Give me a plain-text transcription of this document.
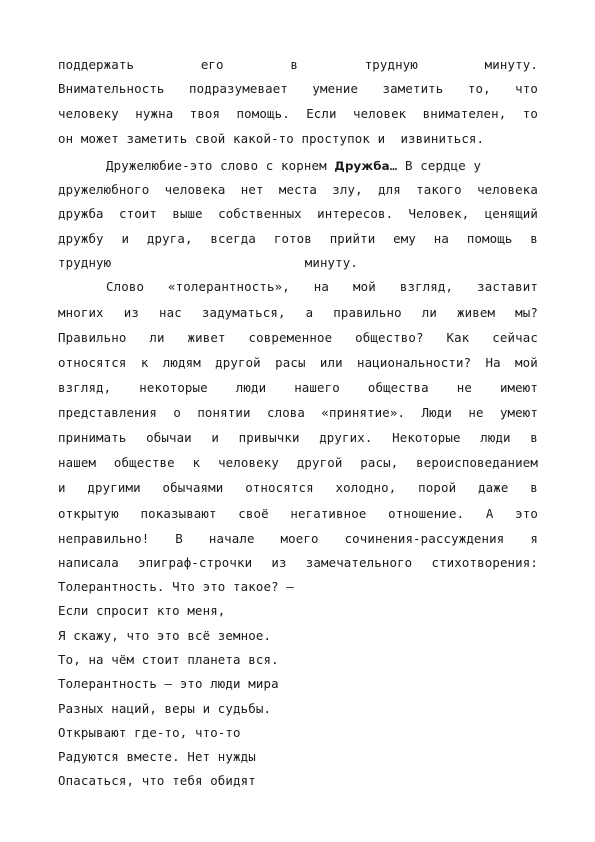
поддержать	его	в	трудную	минуту.
Внимательность подразумевает умение заметить то, что
человеку нужна твоя помощь. Если человек внимателен, то
он может заметить свой какой-то проступок и  извиниться.
Дружелюбие-это слово с корнем Дружба… В сердце у
дружелюбного человека нет места злу, для такого человека
дружба стоит выше собственных интересов. Человек, ценящий
дружбу и друга, всегда готов прийти ему на помощь в
трудную	минуту.
Слово «толерантность», на мой взгляд, заставит
многих из нас задуматься, а правильно ли живем мы?
Правильно ли живет современное общество? Как сейчас
относятся к людям другой расы или национальности? На мой
взгляд, некоторые люди нашего общества не имеют
представления о понятии слова «принятие». Люди не умеют
принимать обычаи и привычки других. Некоторые люди в
нашем обществе к человеку другой расы, вероисповеданием
и другими обычаями относятся холодно, порой даже в
открытую показывают своё негативное отношение. А это
неправильно! В начале моего сочинения-рассуждения я
написала эпиграф-строчки из замечательного стихотворения:
Толерантность. Что это такое? –
Если спросит кто меня,
Я скажу, что это всё земное.
То, на чём стоит планета вся.
Толерантность – это люди мира
Разных наций, веры и судьбы.
Открывают где-то, что-то
Радуются вместе. Нет нужды
Опасаться, что тебя обидят
